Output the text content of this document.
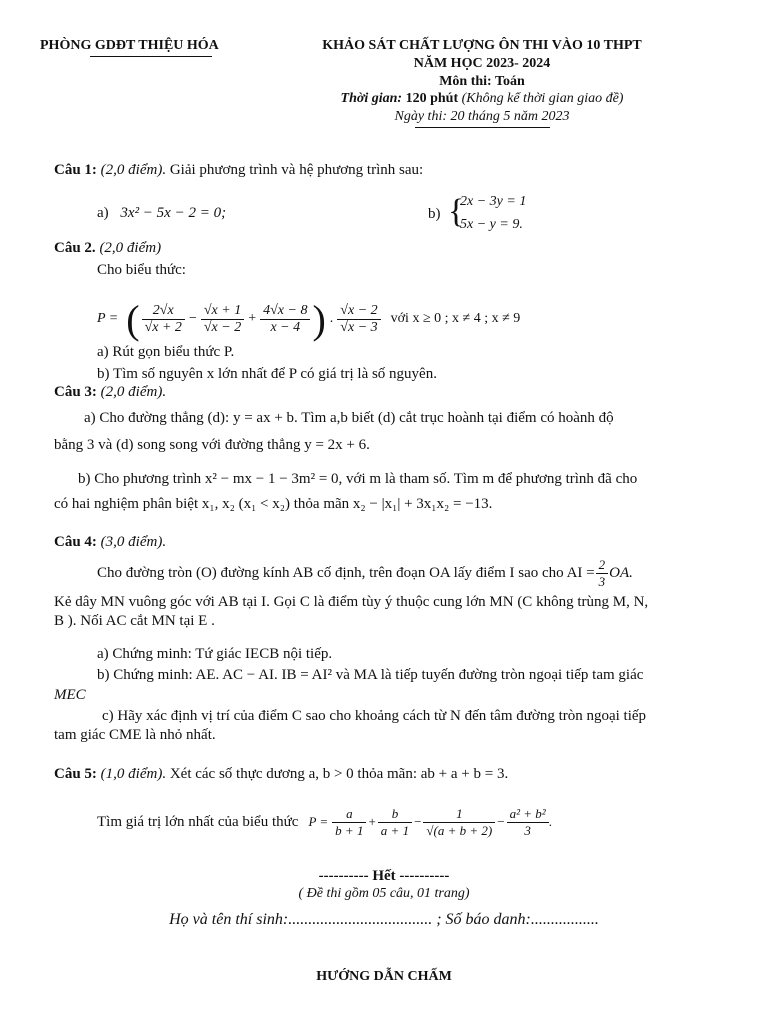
PHÒNG GDĐT THIỆU HÓA	KHẢO SÁT CHẤT LƯỢNG ÔN THI VÀO 10 THPT
NĂM HỌC 2023- 2024
Môn thi: Toán
Thời gian: 120 phút (Không kể thời gian giao đề)
Ngày thi: 20 tháng 5 năm 2023
Câu 1: (2,0 điểm). Giải phương trình và hệ phương trình sau:
a) 3x² − 5x − 2 = 0;	b) {
2x − 3y = 1
5x − y = 9.
Câu 2. (2,0 điểm)
Cho biểu thức:
P = ( $\frac{2√x}{√x + 2} - \frac{√x + 1}{√x - 2} + \frac{4√x - 8}{x - 4}$ ) . $\frac{√x - 2}{√x - 3}$ với x ≥ 0 ; x ≠ 4 ; x ≠ 9
a) Rút gọn biểu thức P.
b) Tìm số nguyên x lớn nhất để P có giá trị là số nguyên.
Câu 3: (2,0 điểm).
a) Cho đường thẳng (d): y = ax + b. Tìm a,b biết (d) cắt trục hoành tại điểm có hoành độ
bằng 3 và (d) song song với đường thẳng y = 2x + 6.
b) Cho phương trình x² − mx − 1 − 3m² = 0, với m là tham số. Tìm m để phương trình đã cho
có hai nghiệm phân biệt x₁, x₂ (x₁ < x₂) thỏa mãn x₂ − |x₁| + 3x₁x₂ = −13.
Câu 4: (3,0 điểm).
Cho đường tròn (O) đường kính AB cố định, trên đoạn OA lấy điểm I sao cho AI = $\frac{2}{3}$ OA.
Kẻ dây MN vuông góc với AB tại I. Gọi C là điểm tùy ý thuộc cung lớn MN (C không trùng M, N,
B ). Nối AC cắt MN tại E .
a) Chứng minh: Tứ giác IECB nội tiếp.
b) Chứng minh: AE. AC − AI. IB = AI² và MA là tiếp tuyến đường tròn ngoại tiếp tam giác
MEC
c) Hãy xác định vị trí của điểm C sao cho khoảng cách từ N đến tâm đường tròn ngoại tiếp
tam giác CME là nhỏ nhất.
Câu 5: (1,0 điểm). Xét các số thực dương a, b > 0 thỏa mãn: ab + a + b = 3.
Tìm giá trị lớn nhất của biểu thức $P = \frac{a}{b + 1} + \frac{b}{a + 1} - \frac{1}{√(a + b + 2)} - \frac{\text{a² + b²}}{3}$ .
---------- Hết ----------
( Đề thi gồm 05 câu, 01 trang)
Họ và tên thí sinh:.................................... ; Số báo danh:.................
HƯỚNG DẪN CHẤM
